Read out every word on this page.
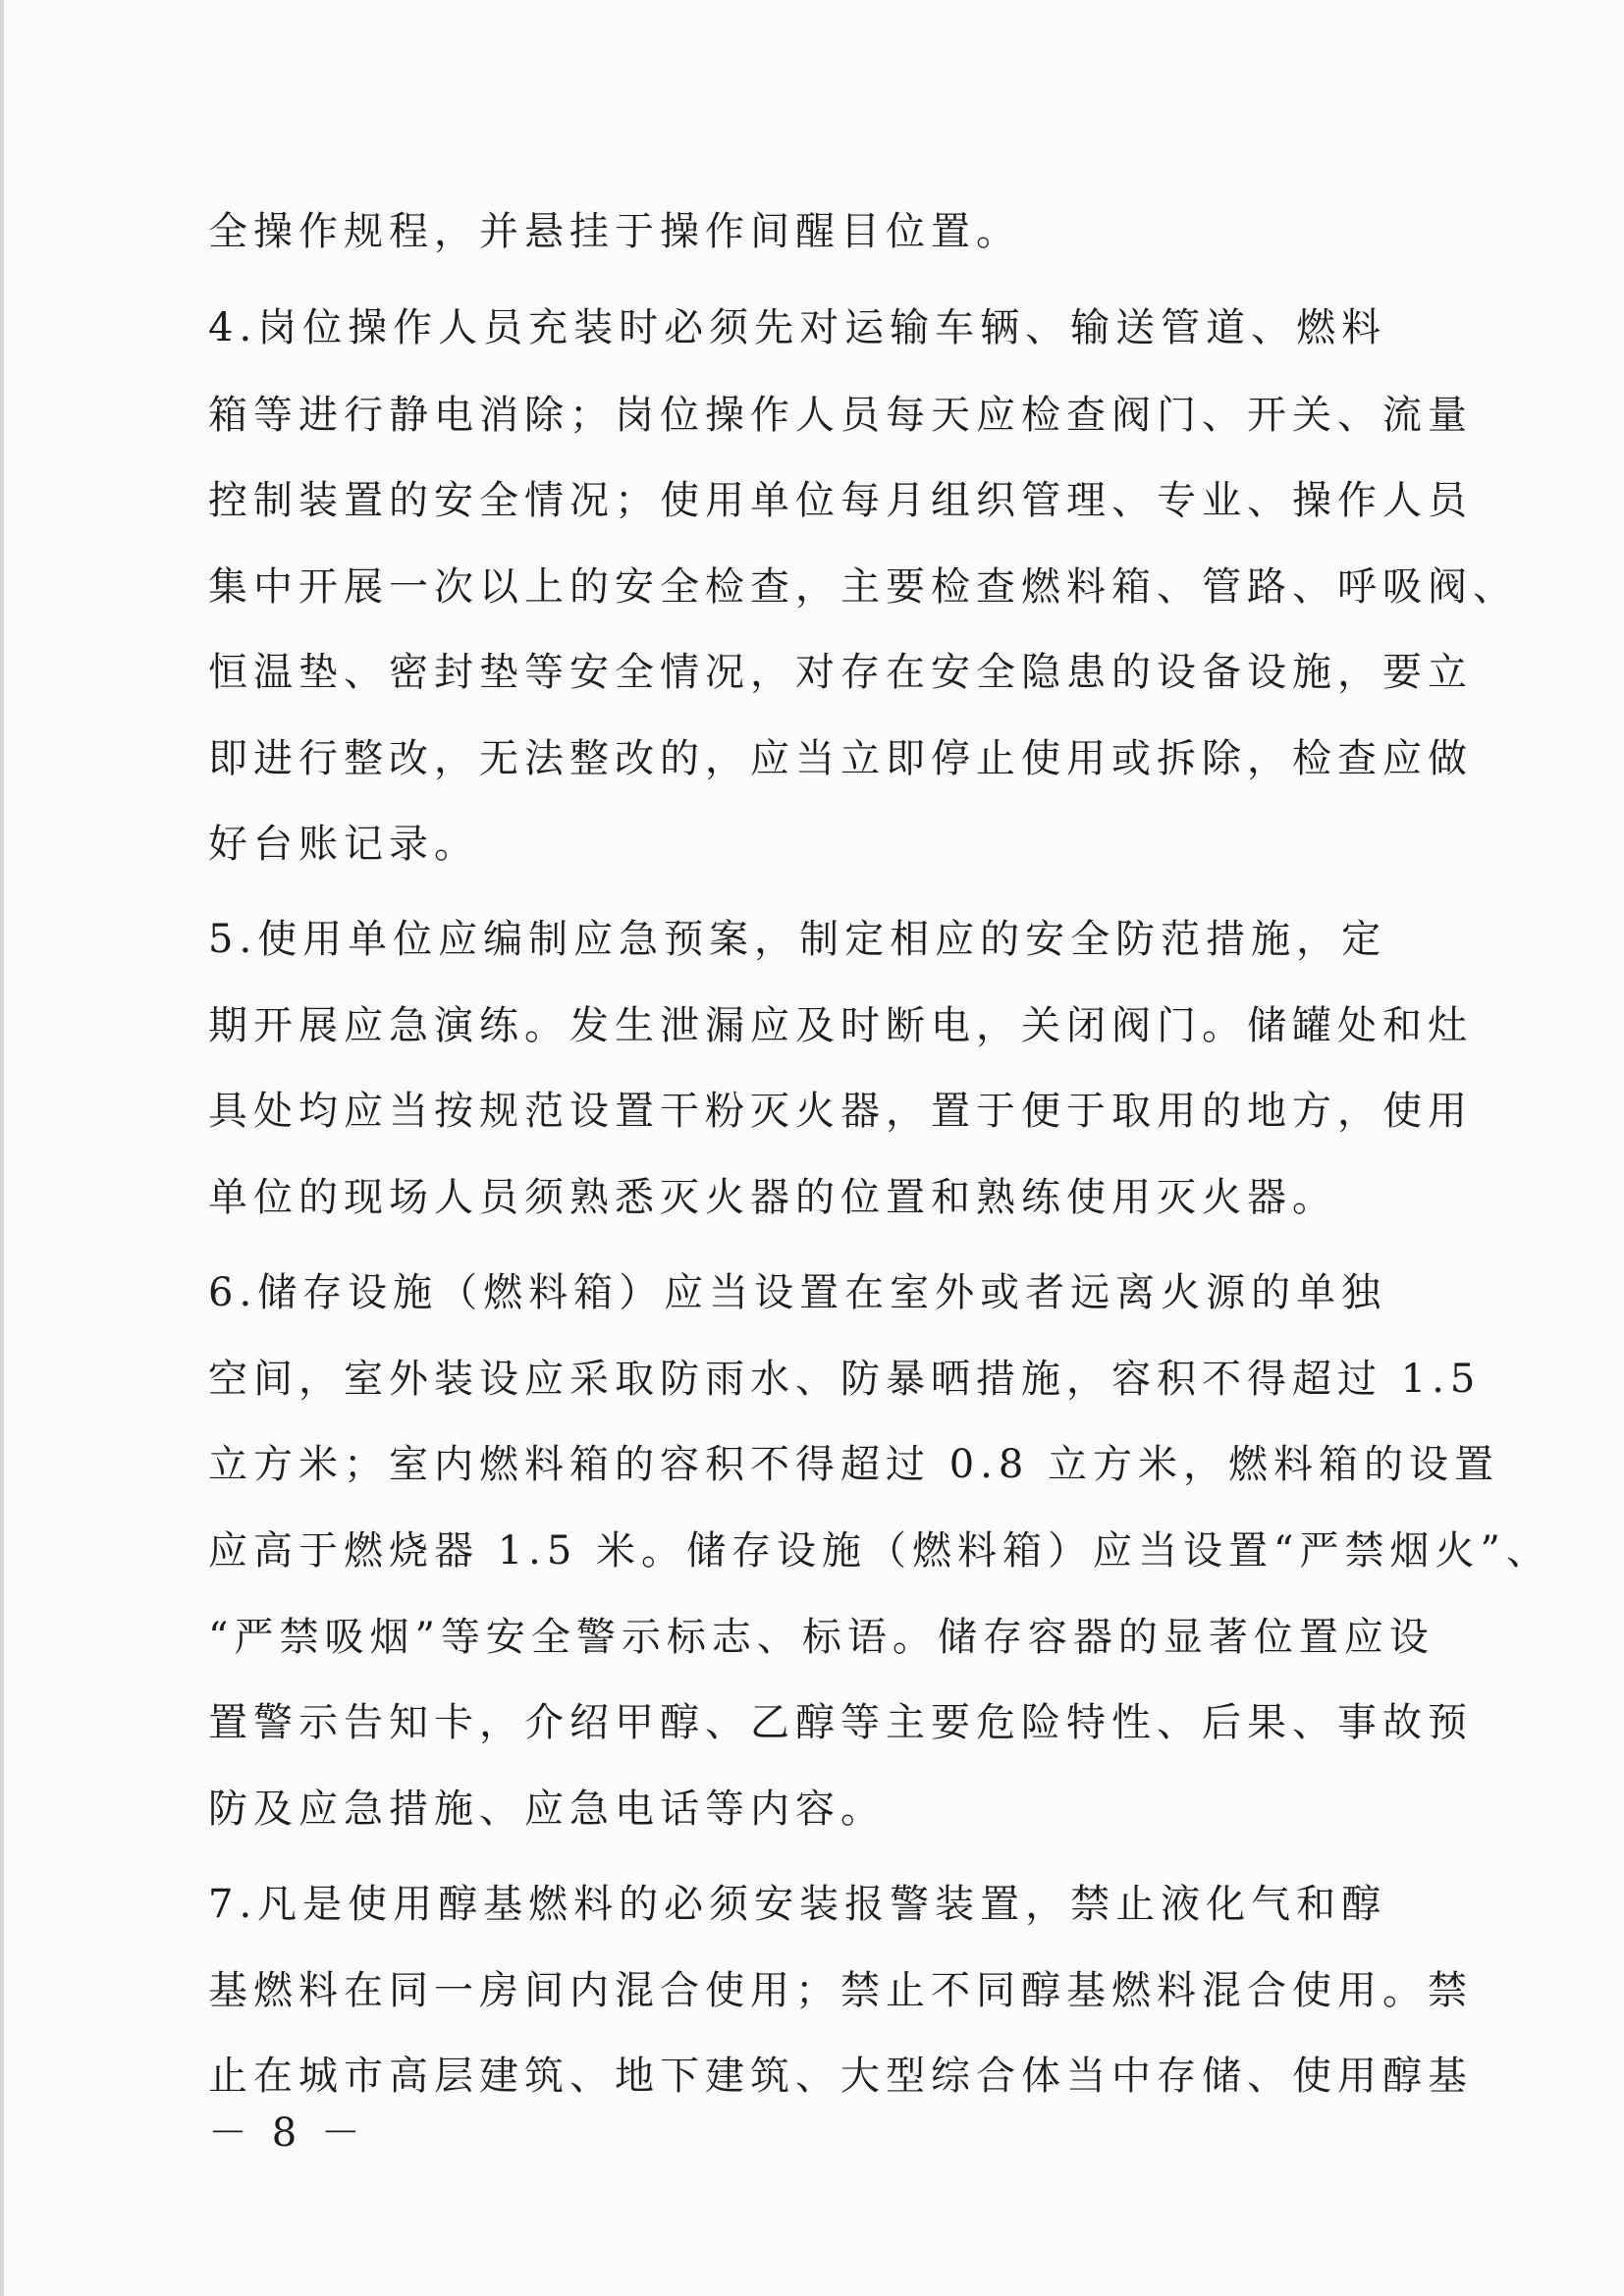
全操作规程，并悬挂于操作间醒目位置。
4.岗位操作人员充装时必须先对运输车辆、输送管道、燃料
箱等进行静电消除；岗位操作人员每天应检查阀门、开关、流量
控制装置的安全情况；使用单位每月组织管理、专业、操作人员
集中开展一次以上的安全检查，主要检查燃料箱、管路、呼吸阀、
恒温垫、密封垫等安全情况，对存在安全隐患的设备设施，要立
即进行整改，无法整改的，应当立即停止使用或拆除，检查应做
好台账记录。
5.使用单位应编制应急预案，制定相应的安全防范措施，定
期开展应急演练。发生泄漏应及时断电，关闭阀门。储罐处和灶
具处均应当按规范设置干粉灭火器，置于便于取用的地方，使用
单位的现场人员须熟悉灭火器的位置和熟练使用灭火器。
6.储存设施（燃料箱）应当设置在室外或者远离火源的单独
空间，室外装设应采取防雨水、防暴晒措施，容积不得超过 1.5
立方米；室内燃料箱的容积不得超过 0.8 立方米，燃料箱的设置
应高于燃烧器 1.5 米。储存设施（燃料箱）应当设置“严禁烟火”、
“严禁吸烟”等安全警示标志、标语。储存容器的显著位置应设
置警示告知卡，介绍甲醇、乙醇等主要危险特性、后果、事故预
防及应急措施、应急电话等内容。
7.凡是使用醇基燃料的必须安装报警装置，禁止液化气和醇
基燃料在同一房间内混合使用；禁止不同醇基燃料混合使用。禁
止在城市高层建筑、地下建筑、大型综合体当中存储、使用醇基
－ 8 －
